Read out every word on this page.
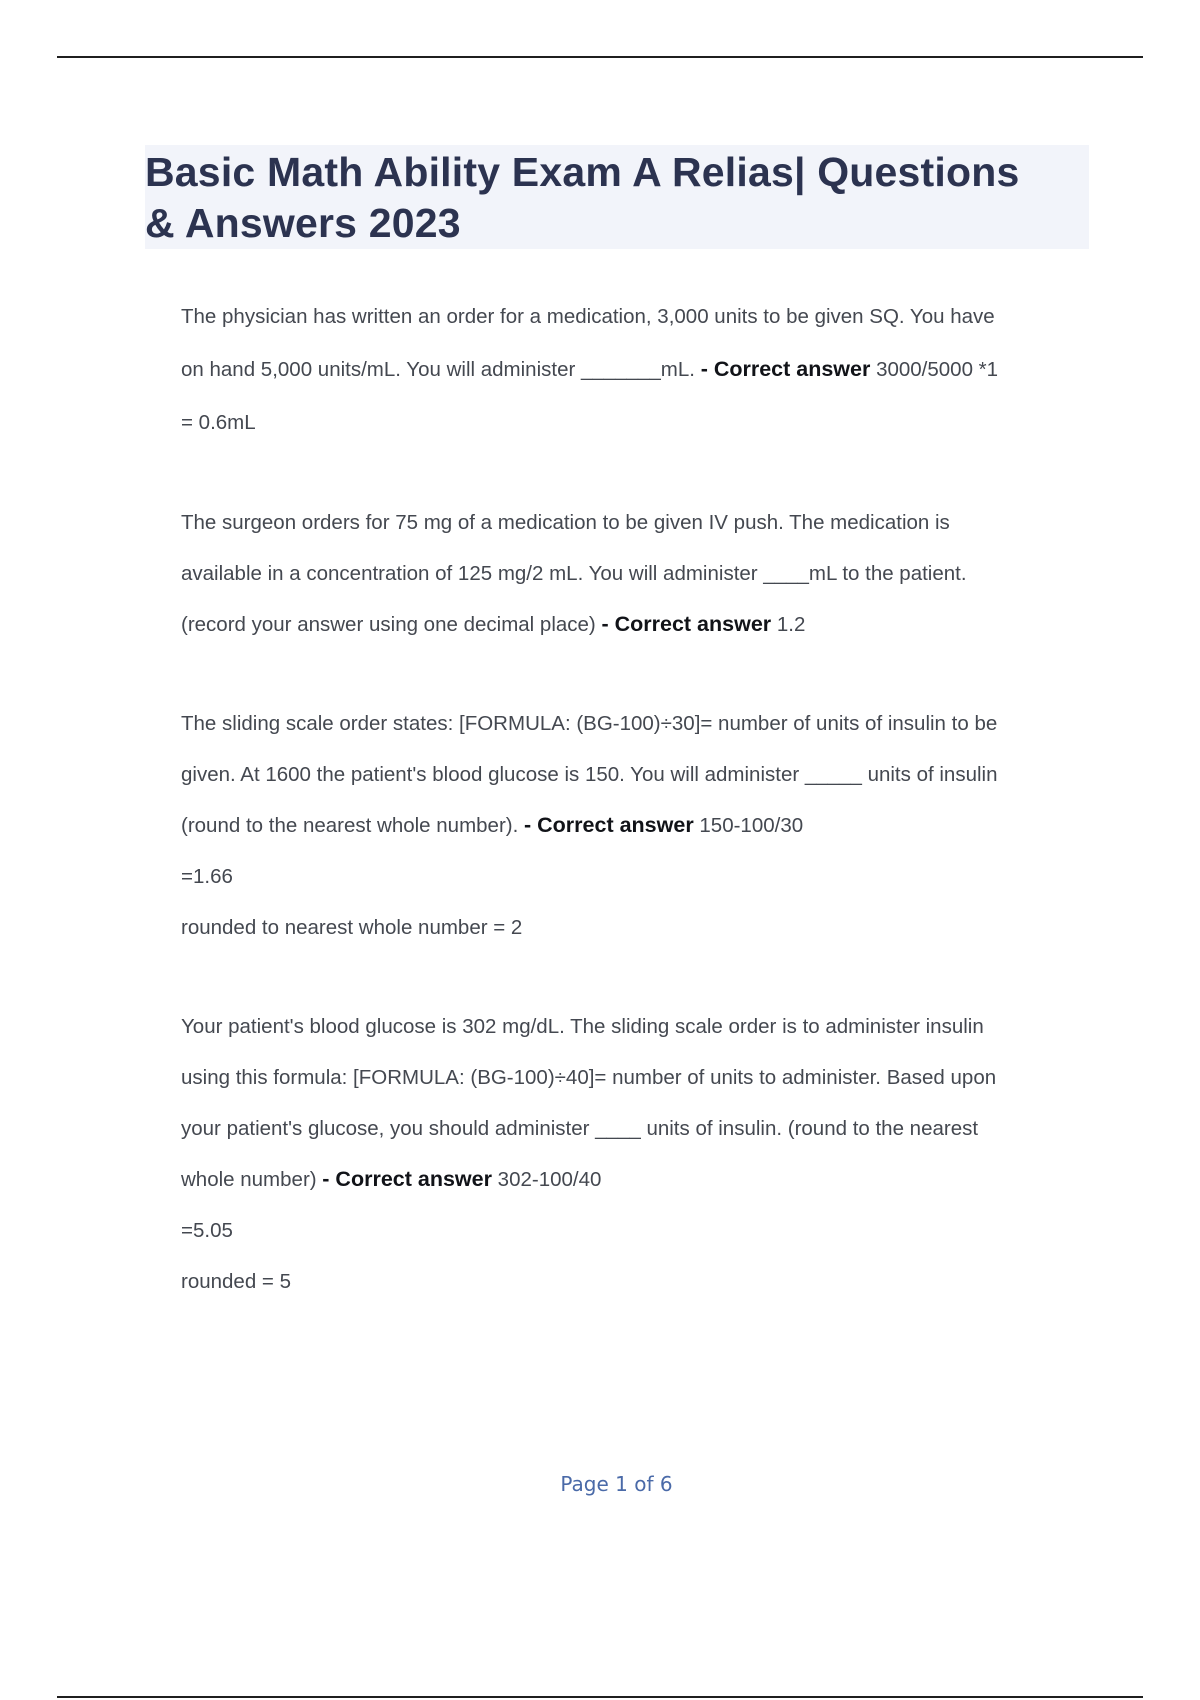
Basic Math Ability Exam A Relias| Questions
& Answers 2023
The physician has written an order for a medication, 3,000 units to be given SQ. You have
on hand 5,000 units/mL. You will administer _______mL. - Correct answer 3000/5000 *1
= 0.6mL
The surgeon orders for 75 mg of a medication to be given IV push. The medication is
available in a concentration of 125 mg/2 mL. You will administer ____mL to the patient.
(record your answer using one decimal place) - Correct answer 1.2
The sliding scale order states: [FORMULA: (BG-100)÷30]= number of units of insulin to be
given. At 1600 the patient's blood glucose is 150. You will administer _____ units of insulin
(round to the nearest whole number). - Correct answer 150-100/30
=1.66
rounded to nearest whole number = 2
Your patient's blood glucose is 302 mg/dL. The sliding scale order is to administer insulin
using this formula: [FORMULA: (BG-100)÷40]= number of units to administer. Based upon
your patient's glucose, you should administer ____ units of insulin. (round to the nearest
whole number) - Correct answer 302-100/40
=5.05
rounded = 5
Page 1 of 6
